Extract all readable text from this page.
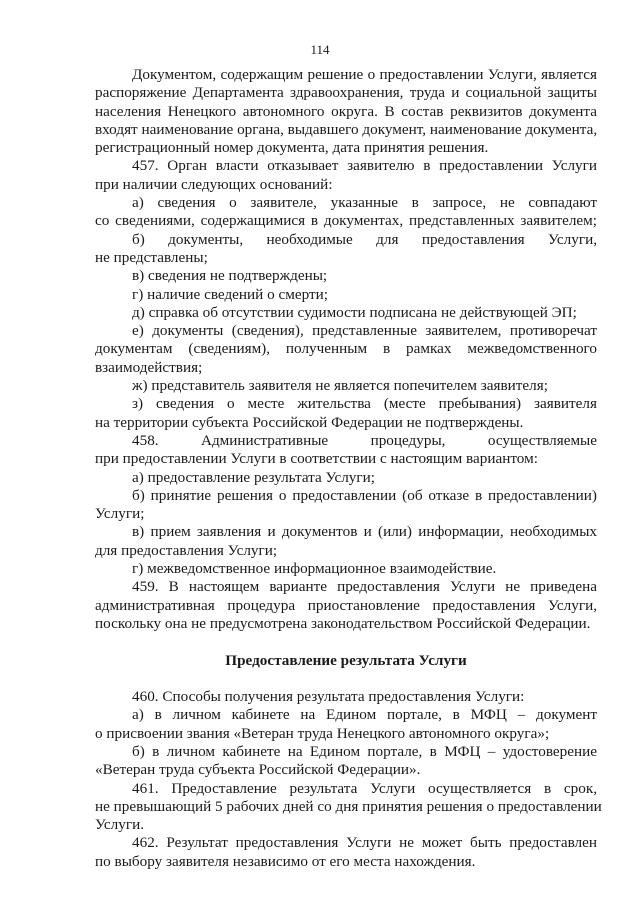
114
Документом, содержащим решение о предоставлении Услуги, является
распоряжение Департамента здравоохранения, труда и социальной защиты
населения Ненецкого автономного округа. В состав реквизитов документа
входят наименование органа, выдавшего документ, наименование документа,
регистрационный номер документа, дата принятия решения.
457. Орган власти отказывает заявителю в предоставлении Услуги
при наличии следующих оснований:
а) сведения о заявителе, указанные в запросе, не совпадают
со сведениями, содержащимися в документах, представленных заявителем;
б) документы, необходимые для предоставления Услуги,
не представлены;
в) сведения не подтверждены;
г) наличие сведений о смерти;
д) справка об отсутствии судимости подписана не действующей ЭП;
е) документы (сведения), представленные заявителем, противоречат
документам (сведениям), полученным в рамках межведомственного
взаимодействия;
ж) представитель заявителя не является попечителем заявителя;
з) сведения о месте жительства (месте пребывания) заявителя
на территории субъекта Российской Федерации не подтверждены.
458. Административные процедуры, осуществляемые
при предоставлении Услуги в соответствии с настоящим вариантом:
а) предоставление результата Услуги;
б) принятие решения о предоставлении (об отказе в предоставлении)
Услуги;
в) прием заявления и документов и (или) информации, необходимых
для предоставления Услуги;
г) межведомственное информационное взаимодействие.
459. В настоящем варианте предоставления Услуги не приведена
административная процедура приостановление предоставления Услуги,
поскольку она не предусмотрена законодательством Российской Федерации.
Предоставление результата Услуги
460. Способы получения результата предоставления Услуги:
а) в личном кабинете на Едином портале, в МФЦ – документ
о присвоении звания «Ветеран труда Ненецкого автономного округа»;
б) в личном кабинете на Едином портале, в МФЦ – удостоверение
«Ветеран труда субъекта Российской Федерации».
461. Предоставление результата Услуги осуществляется в срок,
не превышающий 5 рабочих дней со дня принятия решения о предоставлении
Услуги.
462. Результат предоставления Услуги не может быть предоставлен
по выбору заявителя независимо от его места нахождения.
